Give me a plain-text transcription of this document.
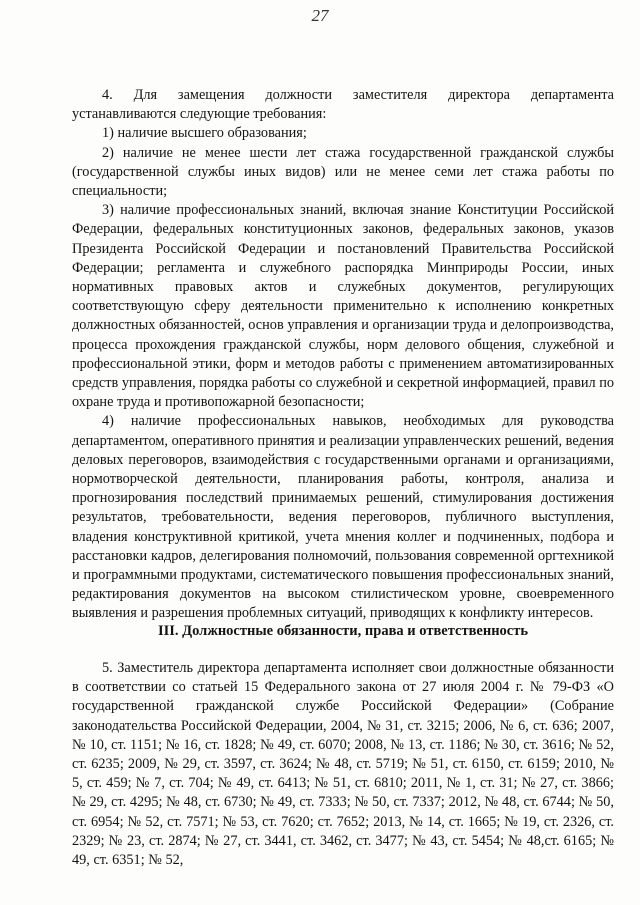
27

4. Для замещения должности заместителя директора департамента устанавливаются следующие требования:

1) наличие высшего образования;

2) наличие не менее шести лет стажа государственной гражданской службы (государственной службы иных видов) или не менее семи лет стажа работы по специальности;

3) наличие профессиональных знаний, включая знание Конституции Российской Федерации, федеральных конституционных законов, федеральных законов, указов Президента Российской Федерации и постановлений Правительства Российской Федерации; регламента и служебного распорядка Минприроды России, иных нормативных правовых актов и служебных документов, регулирующих соответствующую сферу деятельности применительно к исполнению конкретных должностных обязанностей, основ управления и организации труда и делопроизводства, процесса прохождения гражданской службы, норм делового общения, служебной и профессиональной этики, форм и методов работы с применением автоматизированных средств управления, порядка работы со служебной и секретной информацией, правил по охране труда и противопожарной безопасности;

4) наличие профессиональных навыков, необходимых для руководства департаментом, оперативного принятия и реализации управленческих решений, ведения деловых переговоров, взаимодействия с государственными органами и организациями, нормотворческой деятельности, планирования работы, контроля, анализа и прогнозирования последствий принимаемых решений, стимулирования достижения результатов, требовательности, ведения переговоров, публичного выступления, владения конструктивной критикой, учета мнения коллег и подчиненных, подбора и расстановки кадров, делегирования полномочий, пользования современной оргтехникой и программными продуктами, систематического повышения профессиональных знаний, редактирования документов на высоком стилистическом уровне, своевременного выявления и разрешения проблемных ситуаций, приводящих к конфликту интересов.

III. Должностные обязанности, права и ответственность

5. Заместитель директора департамента исполняет свои должностные обязанности в соответствии со статьей 15 Федерального закона от 27 июля 2004 г. № 79-ФЗ «О государственной гражданской службе Российской Федерации» (Собрание законодательства Российской Федерации, 2004, № 31, ст. 3215; 2006, № 6, ст. 636; 2007, № 10, ст. 1151; № 16, ст. 1828; № 49, ст. 6070; 2008, № 13, ст. 1186; № 30, ст. 3616; № 52, ст. 6235; 2009, № 29, ст. 3597, ст. 3624; № 48, ст. 5719; № 51, ст. 6150, ст. 6159; 2010, № 5, ст. 459; № 7, ст. 704; № 49, ст. 6413; № 51, ст. 6810; 2011, № 1, ст. 31; № 27, ст. 3866; № 29, ст. 4295; № 48, ст. 6730; № 49, ст. 7333; № 50, ст. 7337; 2012, № 48, ст. 6744; № 50, ст. 6954; № 52, ст. 7571; № 53, ст. 7620; ст. 7652; 2013, № 14, ст. 1665; № 19, ст. 2326, ст. 2329; № 23, ст. 2874; № 27, ст. 3441, ст. 3462, ст. 3477; № 43, ст. 5454; № 48,ст. 6165; № 49, ст. 6351; № 52,
